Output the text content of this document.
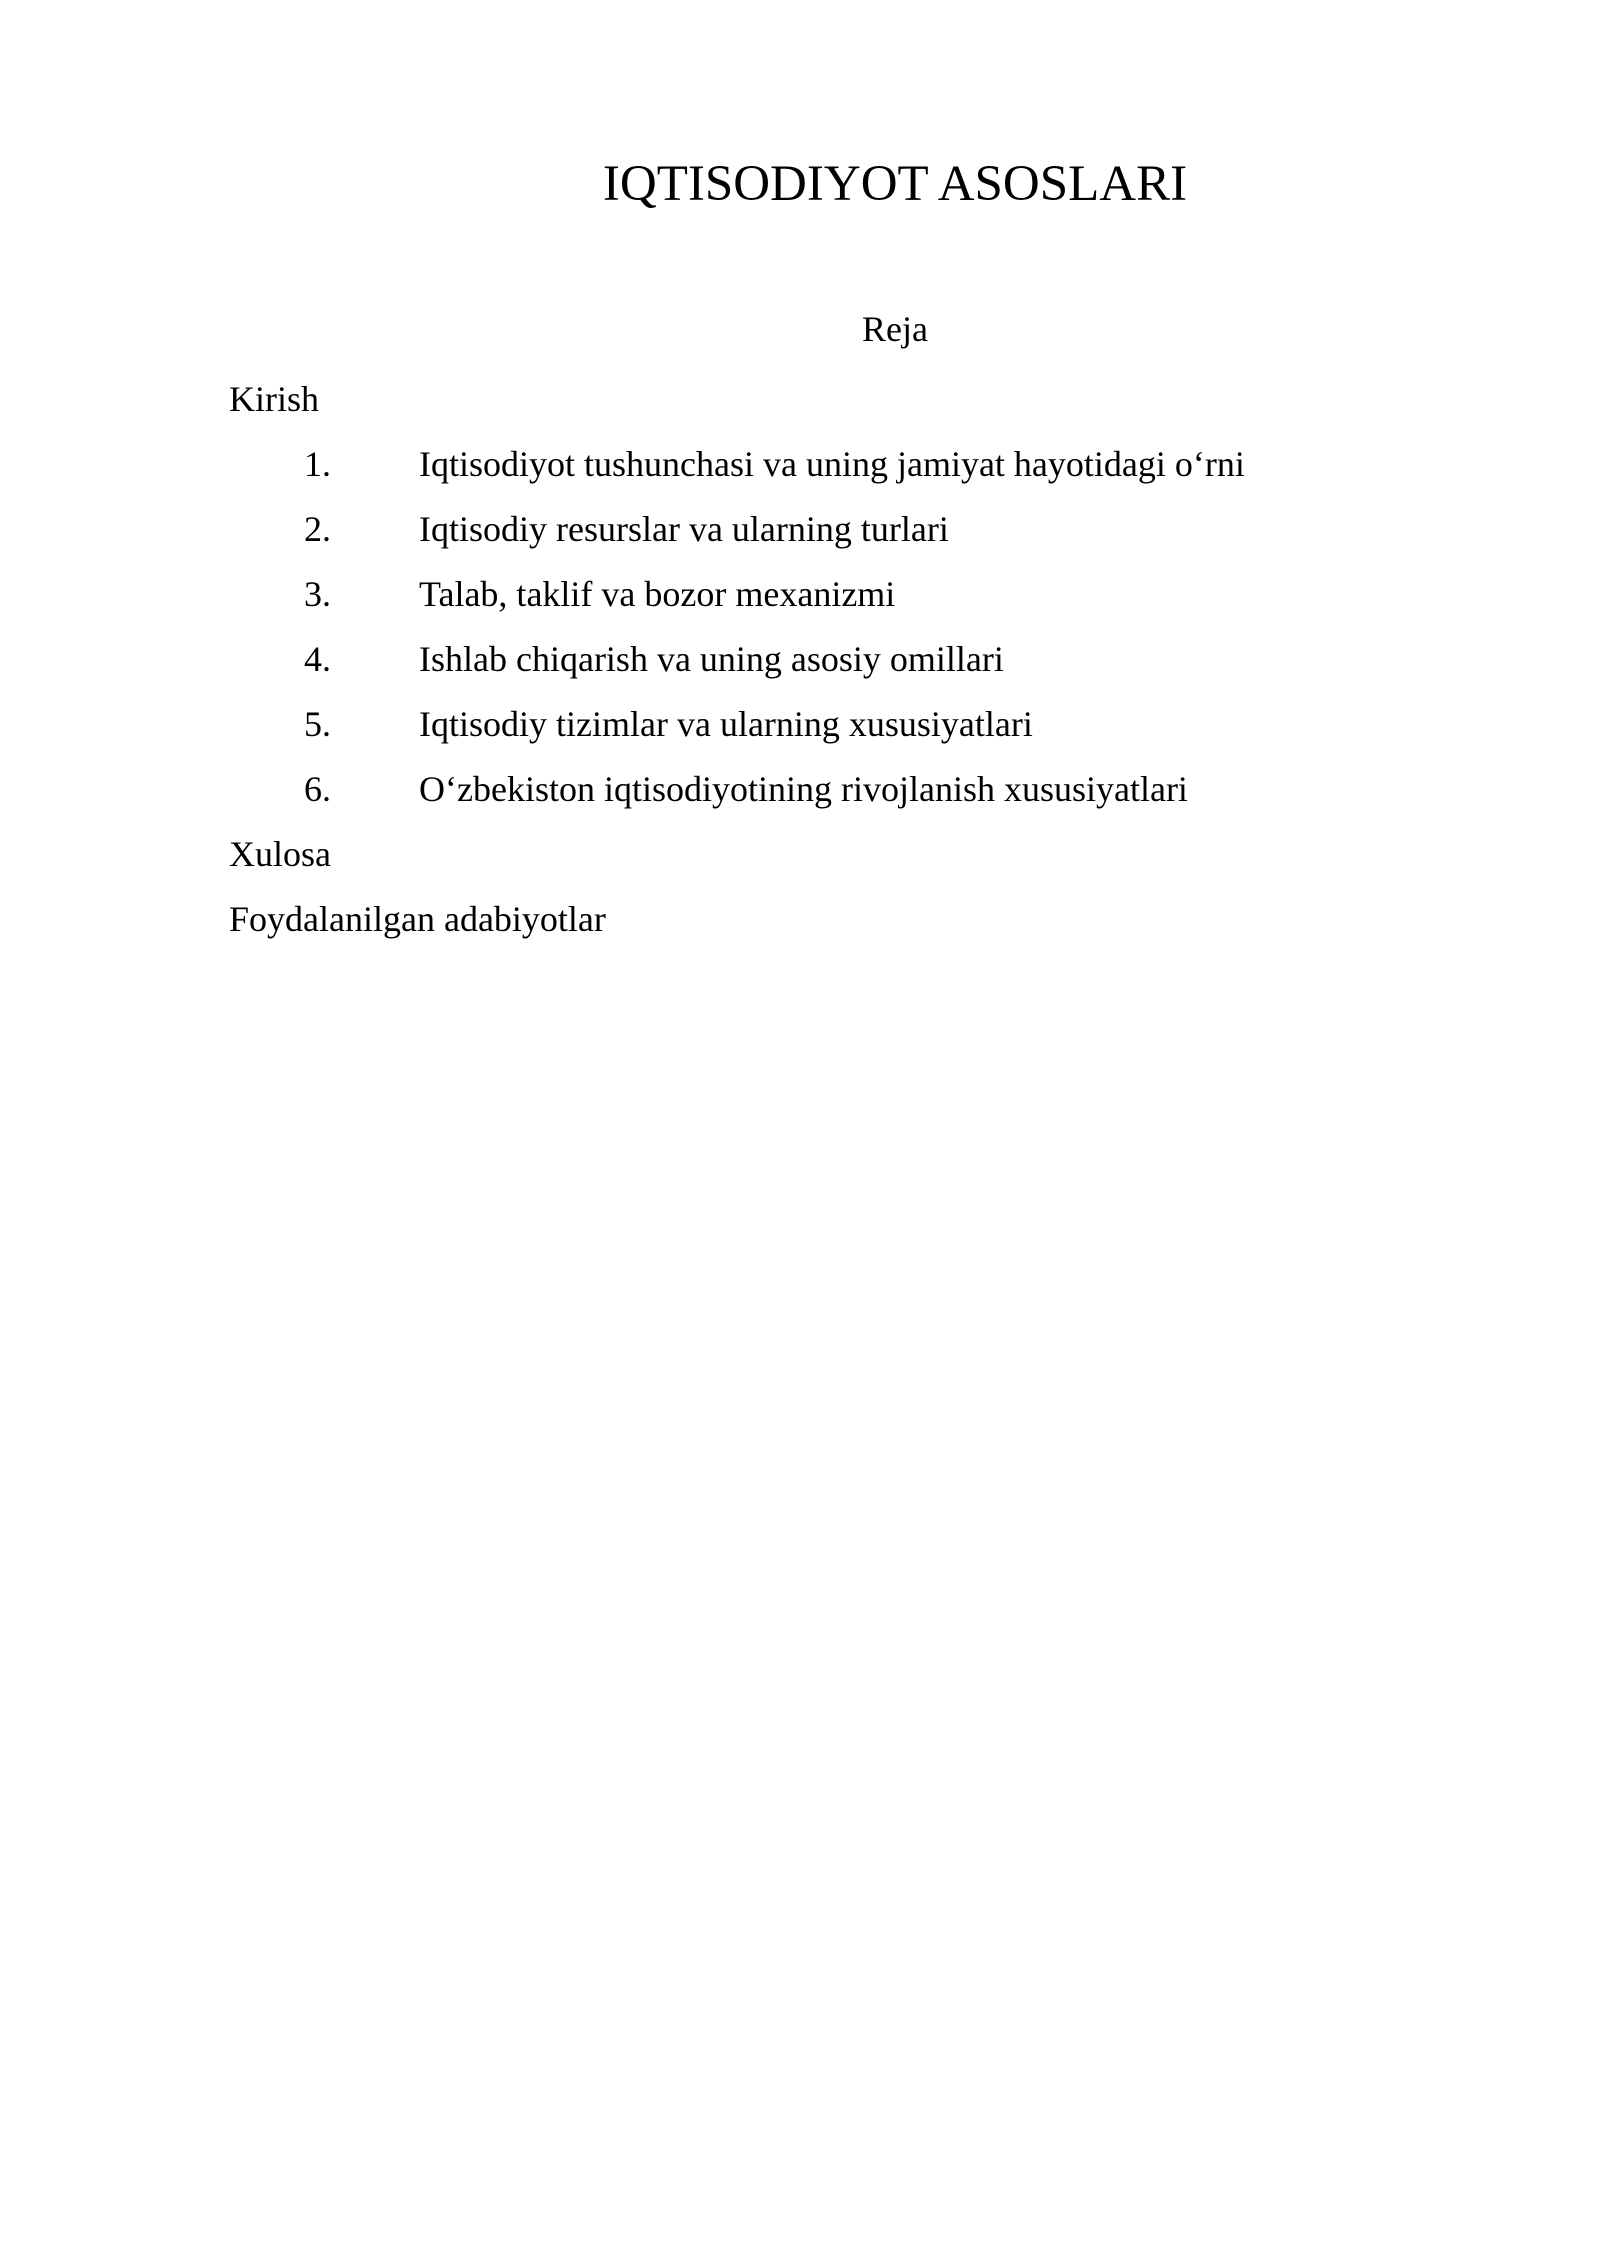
IQTISODIYOT ASOSLARI
Reja
Kirish
1. Iqtisodiyot tushunchasi va uning jamiyat hayotidagi o‘rni
2. Iqtisodiy resurslar va ularning turlari
3. Talab, taklif va bozor mexanizmi
4. Ishlab chiqarish va uning asosiy omillari
5. Iqtisodiy tizimlar va ularning xususiyatlari
6. O‘zbekiston iqtisodiyotining rivojlanish xususiyatlari
Xulosa
Foydalanilgan adabiyotlar
